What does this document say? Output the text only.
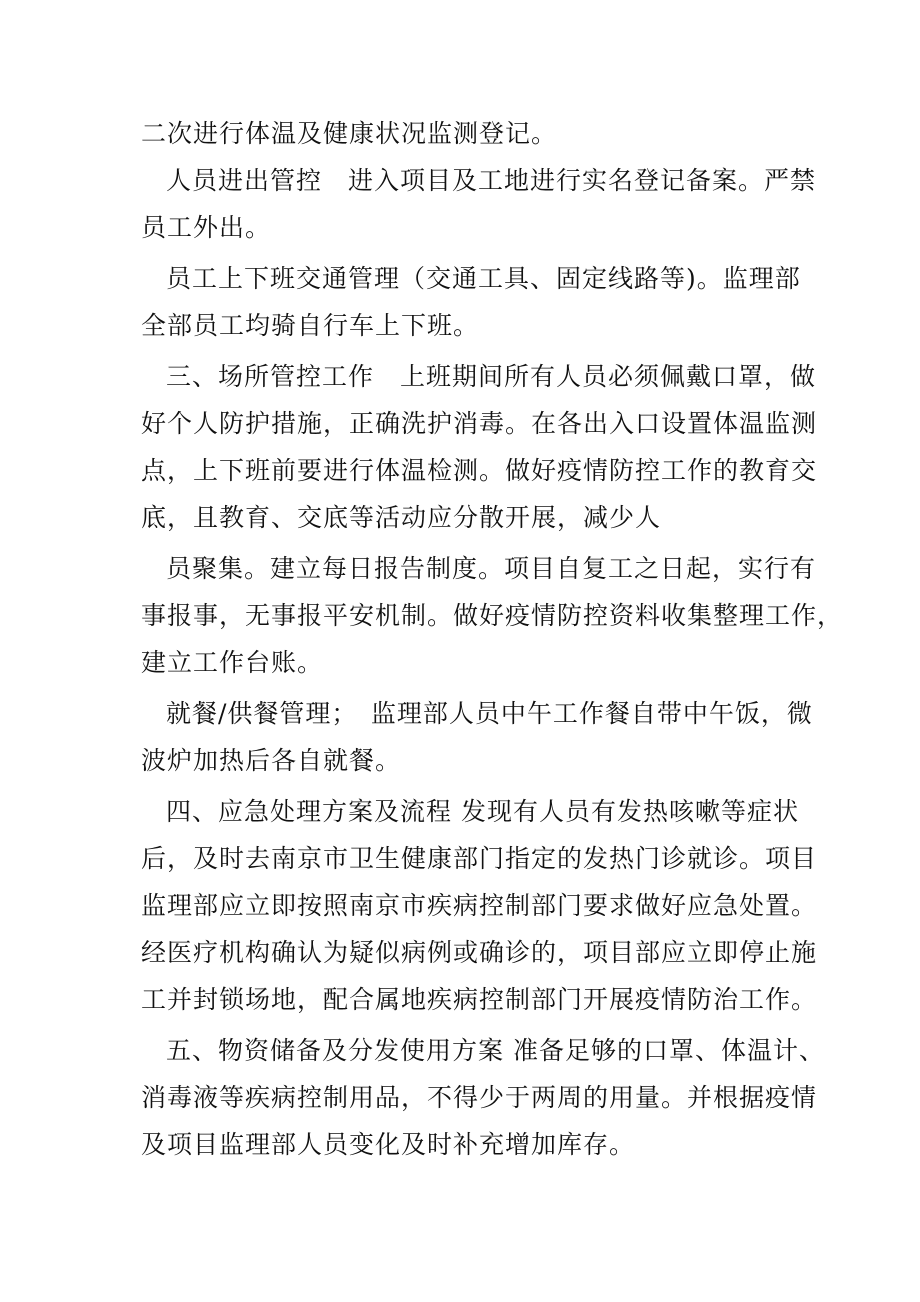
二次进行体温及健康状况监测登记。
人员进出管控　进入项目及工地进行实名登记备案。严禁
员工外出。
员工上下班交通管理（交通工具、固定线路等)。监理部
全部员工均骑自行车上下班。
三、场所管控工作　上班期间所有人员必须佩戴口罩，做
好个人防护措施，正确洗护消毒。在各出入口设置体温监测
点，上下班前要进行体温检测。做好疫情防控工作的教育交
底，且教育、交底等活动应分散开展，减少人
员聚集。建立每日报告制度。项目自复工之日起，实行有
事报事，无事报平安机制。做好疫情防控资料收集整理工作，
建立工作台账。
就餐/供餐管理；　监理部人员中午工作餐自带中午饭，微
波炉加热后各自就餐。
四、应急处理方案及流程 发现有人员有发热咳嗽等症状
后，及时去南京市卫生健康部门指定的发热门诊就诊。项目
监理部应立即按照南京市疾病控制部门要求做好应急处置。
经医疗机构确认为疑似病例或确诊的，项目部应立即停止施
工并封锁场地，配合属地疾病控制部门开展疫情防治工作。
五、物资储备及分发使用方案 准备足够的口罩、体温计、
消毒液等疾病控制用品，不得少于两周的用量。并根据疫情
及项目监理部人员变化及时补充增加库存。
